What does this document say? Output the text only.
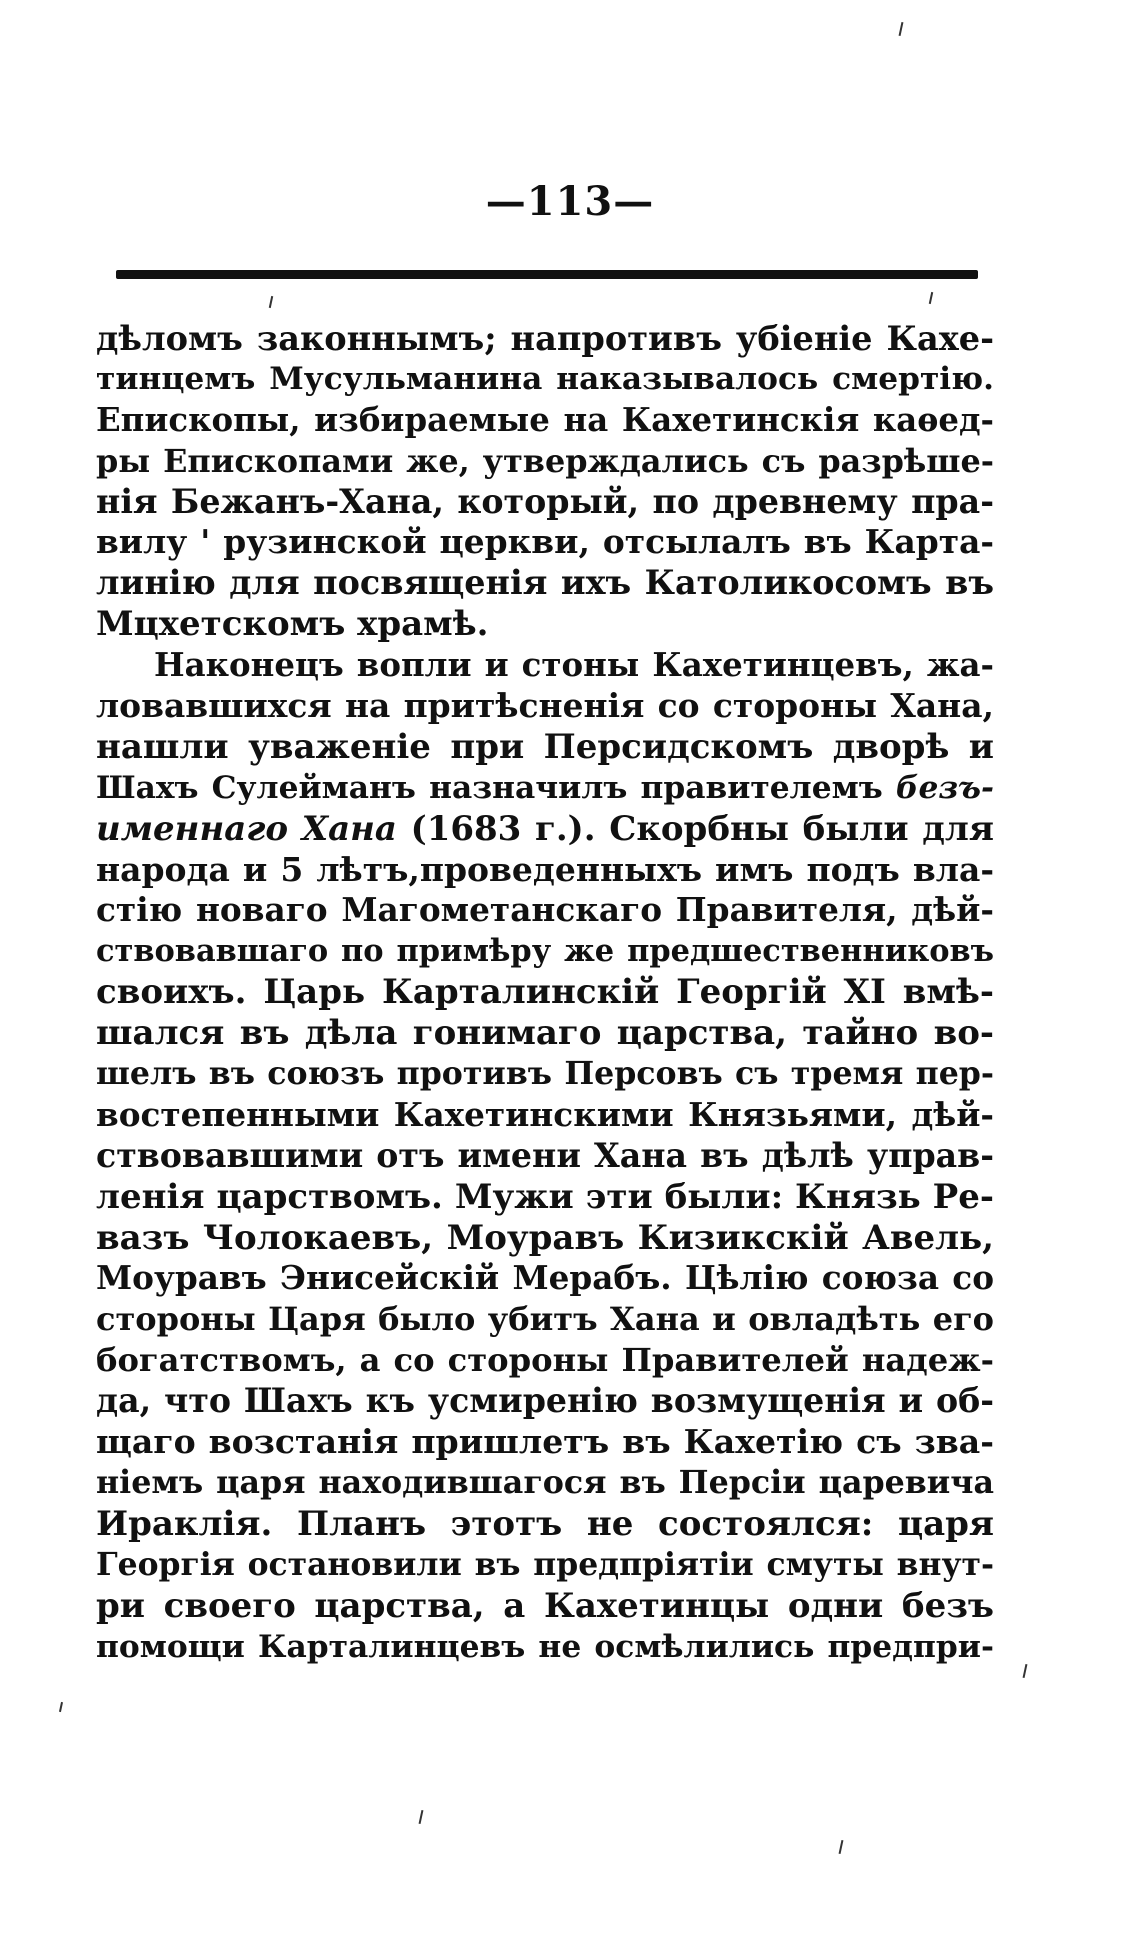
—113—
дѣломъ законнымъ; напротивъ убіеніе Кахе-
тинцемъ Мусульманина наказывалось смертію.
Епископы, избираемые на Кахетинскія каѳед-
ры Епископами же, утверждались съ разрѣше-
нія Бежанъ-Хана, который, по древнему пра-
вилу ' рузинской церкви, отсылалъ въ Карта-
линію для посвященія ихъ Католикосомъ въ
Мцхетскомъ храмѣ.
Наконецъ вопли и стоны Кахетинцевъ, жа-
ловавшихся на притѣсненія со стороны Хана,
нашли уваженіе при Персидскомъ дворѣ и
Шахъ Сулейманъ назначилъ правителемъ безъ-
именнаго Хана (1683 г.). Скорбны были для
народа и 5 лѣтъ,проведенныхъ имъ подъ вла-
стію новаго Магометанскаго Правителя, дѣй-
ствовавшаго по примѣру же предшественниковъ
своихъ. Царь Карталинскій Георгій XI вмѣ-
шался въ дѣла гонимаго царства, тайно во-
шелъ въ союзъ противъ Персовъ съ тремя пер-
востепенными Кахетинскими Князьями, дѣй-
ствовавшими отъ имени Хана въ дѣлѣ управ-
ленія царствомъ. Мужи эти были: Князь Ре-
вазъ Чолокаевъ, Моуравъ Кизикскій Авель,
Моуравъ Энисейскій Мерабъ. Цѣлію союза со
стороны Царя было убитъ Хана и овладѣть его
богатствомъ, а со стороны Правителей надеж-
да, что Шахъ къ усмиренію возмущенія и об-
щаго возстанія пришлетъ въ Кахетію съ зва-
ніемъ царя находившагося въ Персіи царевича
Ираклія. Планъ этотъ не состоялся: царя
Георгія остановили въ предпріятіи смуты внут-
ри своего царства, а Кахетинцы одни безъ
помощи Карталинцевъ не осмѣлились предпри-
